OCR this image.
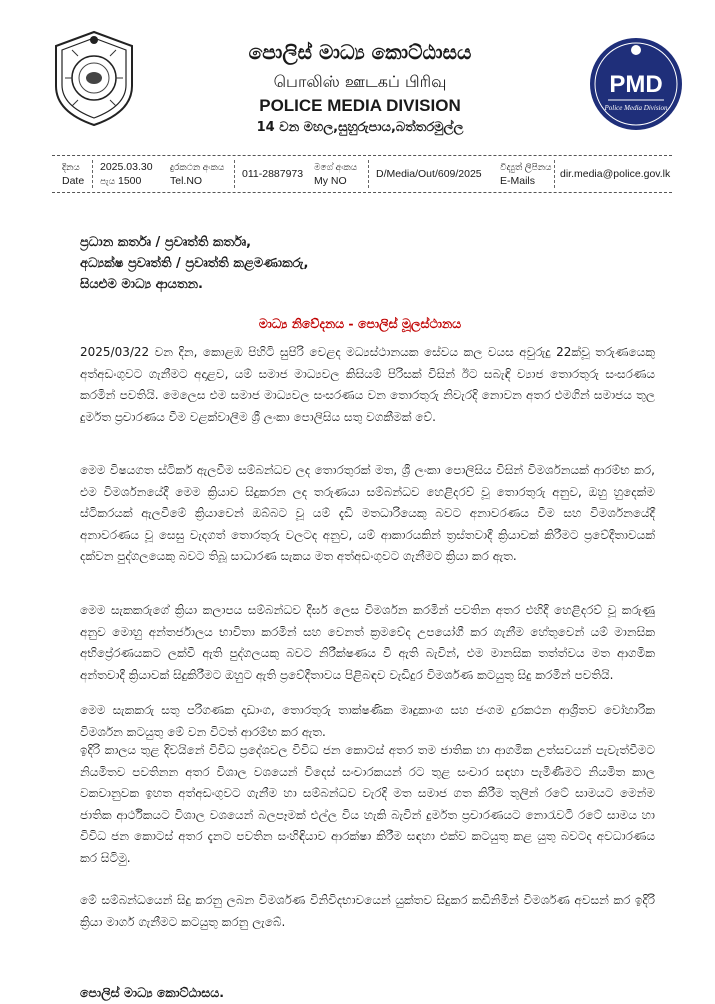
පොලිස් මාධ්‍ය කොට්ඨාසය
பொலிஸ் ஊடகப் பிரிவு
POLICE MEDIA DIVISION
14 වන මහල,සුහුරුපාය,බත්තරමුල්ල
PMD
Police Media Division
දිනය
Date
2025.03.30
පැය 1500
දුරකථන අංකය
Tel.NO
011-2887973
මගේ අංකය
My NO
D/Media/Out/609/2025
විද්‍යුත් ලිපිනය
E-Mails
dir.media@police.gov.lk
ප්‍රධාන කර්තෘ / ප්‍රවෘත්ති කර්තෘ,
අධ්‍යක්ෂ ප්‍රවෘත්ති / ප්‍රවෘත්ති කළමණාකරු,
සියළුම මාධ්‍ය ආයතන.
මාධ්‍ය නිවේදනය - පොලිස් මූලස්ථානය

2025/03/22 වන දින, කොළඹ පිහිටි සුපිරි වෙළද මධ්‍යස්ථානයක සේවය කල වයස අවුරුදු 22ක්වූ තරුණයෙකු අත්අඩංගුවට ගැනීමට අදාළව, යම් සමාජ මාධ්‍යවල කිසියම් පිරිසක් විසින් ඊට සබැඳි ව්‍යාජ තොරතුරු සංසරණය කරමින් පවතියි. මෙලෙස එම සමාජ මාධ්‍යවල සංසරණය වන තොරතුරු නිවැරදි නොවන අතර එමගින් සමාජය තුල දුර්මත ප්‍රචාරණය වීම වළක්වාලීම ශ්‍රී ලංකා පොලිසිය සතු වගකීමක් වේ.

මෙම විෂයගත ස්ටිකර් ඇලවීම සම්බන්ධව ලද තොරතුරක් මත, ශ්‍රී ලංකා පොලිසිය විසින් විමර්ශනයක් ආරම්භ කර, එම විමර්ශනයේදී මෙම ක්‍රියාව සිදුකරන ලද තරුණයා සම්බන්ධව හෙළිදරව් වූ තොරතුරු අනුව, ඔහු හුදෙක්ම ස්ටිකරයක් ඇලවීමේ ක්‍රියාවෙන් ඔබ්බට වූ යම් දැඩි මතධාරියෙකු බවට අනාවරණය වීම සහ විමර්ශනයේදී අනාවරණය වූ සෙසු වැදගත් තොරතුරු වලටද අනුව, යම් ආකාරයකින් ත්‍රස්තවාදී ක්‍රියාවක් කිරීමට ප්‍රවේදීතාවයක් දක්වන පුද්ගලයෙකු බවට තිබූ සාධාරණ සැකය මත අත්අඩංගුවට ගැනීමට ක්‍රියා කර ඇත.

මෙම සැකකරුගේ ක්‍රියා කලාපය සම්බන්ධව දීර්ඝ ලෙස විමර්ශන කරමින් පවතින අතර එහිදී හෙළිදරව් වූ කරුණු අනුව මොහු අන්තර්ජාලය භාවිතා කරමින් සහ වෙනත් ක්‍රමවේද උපයෝගී කර ගැනීම හේතුවෙන් යම් මානසික අභිප්‍රේරණයකට ලක්වී ඇති පුද්ගලයකු බවට නිරීක්ෂණය වී ඇති බැවින්, එම මානසික තත්ත්වය මත ආගමික අන්තවාදී ක්‍රියාවක් සිදුකිරීමට ඔහුට ඇති ප්‍රවේදීතාවය පිළිබඳව වැඩිදුර විමර්ශණ කටයුතු සිදු කරමින් පවතියි.

මෙම සැකකරු සතු පරිගණක දෘඩාංග, තොරතුරු තාක්ෂණික මෘදුකාංග සහ ජංගම දුරකථන ආශ්‍රිතව වෝහාරික විමර්ශන කටයුතු මේ වන විටත් ආරම්භ කර ඇත.

ඉදිරි කාලය තුළ දිවයිනේ විවිධ ප්‍රදේශවල විවිධ ජන කොටස් අතර තම ජාතික හා ආගමික උත්සවයන් පැවැත්වීමට නියමිතව පවතිනන අතර විශාල වශයෙන් විදෙස් සංචාරකයන් රට තුළ සංචාර සඳහා පැමිණීමට නියමිත කාල වකවානුවක ඉහත අත්අඩංගුවට ගැනීම හා සම්බන්ධව වැරදි මත සමාජ ගත කිරීම තුලින් රටේ සාමයට මෙන්ම ජාතික ආර්ථිකයට විශාල වශයෙන් බලපෑමක් එල්ල විය හැකි බැවින් දුර්මත ප්‍රචාරණයට නොරැවටී රටේ සාමය හා විවිධ ජන කොටස් අතර දැනට පවතින සංහිඳියාව ආරක්ෂා කිරීම සඳහා එක්ව කටයුතු කළ යුතු බවටද අවධාරණය කර සිටිමු.

මේ සම්බන්ධයෙන් සිදු කරනු ලබන විමර්ශණ විනිවිදභාවයෙන් යුක්තව සිදුකර කඩිනිමින් විමර්ශණ අවසන් කර ඉදිරි ක්‍රියා මාර්ග ගැනීමට කටයුතු කරනු ලැබේ.

පොලිස් මාධ්‍ය කොට්ඨාසය.
